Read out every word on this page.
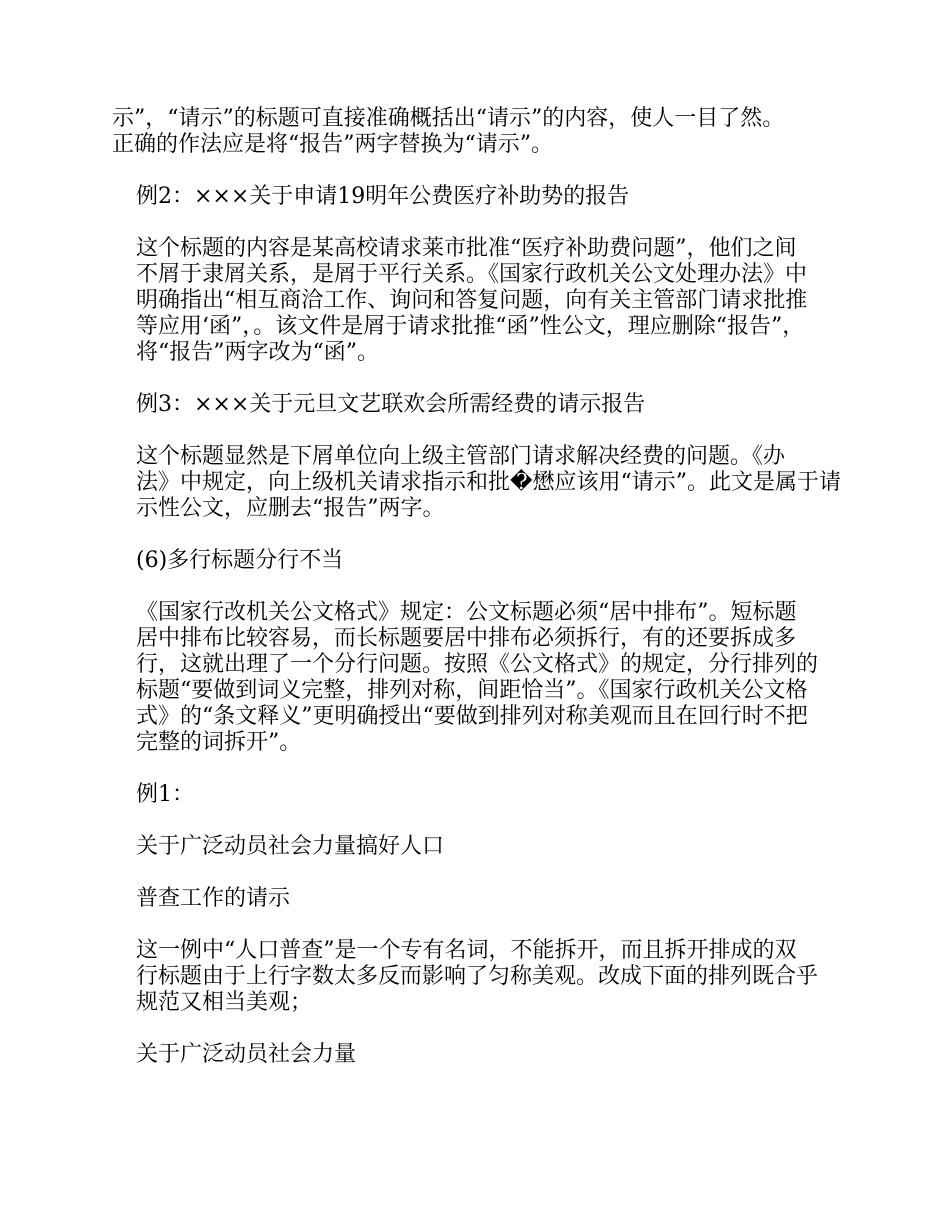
示”，“请示”的标题可直接准确概括出“请示”的内容，使人一目了然。
正确的作法应是将“报告”两字替换为“请示”。

例2：×××关于申请19明年公费医疗补助势的报告

这个标题的内容是某高校请求莱市批准“医疗补助费问题”，他们之间
不屑于隶屑关系，是屑于平行关系。《国家行政机关公文处理办法》中
明确指出“相互商洽工作、询问和答复问题，向有关主管部门请求批推
等应用‘函”，。该文件是屑于请求批推“函”性公文，理应删除“报告”，
将“报告”两字改为“函”。

例3：×××关于元旦文艺联欢会所需经费的请示报告

这个标题显然是下屑单位向上级主管部门请求解决经费的问题。《办
法》中规定，向上级机关请求指示和批�懋应该用“请示”。此文是属于请
示性公文，应删去“报告”两字。

(6)多行标题分行不当

《国家行改机关公文格式》规定：公文标题必须“居中排布”。短标题
居中排布比较容易，而长标题要居中排布必须拆行，有的还要拆成多
行，这就出理了一个分行问题。按照《公文格式》的规定，分行排列的
标题“要做到词义完整，排列对称，间距恰当”。《国家行政机关公文格
式》的“条文释义”更明确授出“要做到排列对称美观而且在回行时不把
完整的词拆开”。

例1：

关于广泛动员社会力量搞好人口

普查工作的请示

这一例中“人口普查”是一个专有名词，不能拆开，而且拆开排成的双
行标题由于上行字数太多反而影响了匀称美观。改成下面的排列既合乎
规范又相当美观；

关于广泛动员社会力量
